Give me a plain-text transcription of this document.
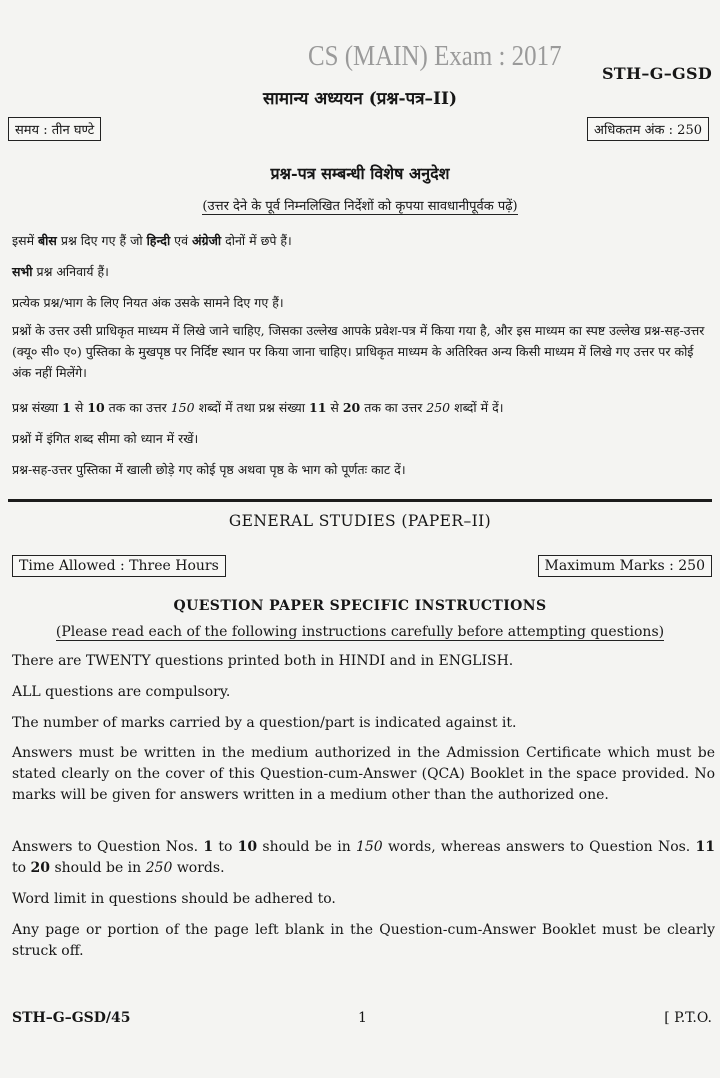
CS (MAIN) Exam : 2017
STH–G–GSD
सामान्य अध्ययन (प्रश्न-पत्र–II)
समय : तीन घण्टे	अधिकतम अंक : 250
प्रश्न-पत्र सम्बन्धी विशेष अनुदेश
(उत्तर देने के पूर्व निम्नलिखित निर्देशों को कृपया सावधानीपूर्वक पढ़ें)
इसमें बीस प्रश्न दिए गए हैं जो हिन्दी एवं अंग्रेजी दोनों में छपे हैं।
सभी प्रश्न अनिवार्य हैं।
प्रत्येक प्रश्न/भाग के लिए नियत अंक उसके सामने दिए गए हैं।
प्रश्नों के उत्तर उसी प्राधिकृत माध्यम में लिखे जाने चाहिए, जिसका उल्लेख आपके प्रवेश-पत्र में किया गया है, और इस माध्यम का स्पष्ट उल्लेख प्रश्न-सह-उत्तर (क्यू० सी० ए०) पुस्तिका के मुखपृष्ठ पर निर्दिष्ट स्थान पर किया जाना चाहिए। प्राधिकृत माध्यम के अतिरिक्त अन्य किसी माध्यम में लिखे गए उत्तर पर कोई अंक नहीं मिलेंगे।
प्रश्न संख्या 1 से 10 तक का उत्तर 150 शब्दों में तथा प्रश्न संख्या 11 से 20 तक का उत्तर 250 शब्दों में दें।
प्रश्नों में इंगित शब्द सीमा को ध्यान में रखें।
प्रश्न-सह-उत्तर पुस्तिका में खाली छोड़े गए कोई पृष्ठ अथवा पृष्ठ के भाग को पूर्णतः काट दें।
GENERAL STUDIES (PAPER–II)
Time Allowed : Three Hours	Maximum Marks : 250
QUESTION PAPER SPECIFIC INSTRUCTIONS
(Please read each of the following instructions carefully before attempting questions)
There are TWENTY questions printed both in HINDI and in ENGLISH.
ALL questions are compulsory.
The number of marks carried by a question/part is indicated against it.
Answers must be written in the medium authorized in the Admission Certificate which must be stated clearly on the cover of this Question-cum-Answer (QCA) Booklet in the space provided. No marks will be given for answers written in a medium other than the authorized one.
Answers to Question Nos. 1 to 10 should be in 150 words, whereas answers to Question Nos. 11 to 20 should be in 250 words.
Word limit in questions should be adhered to.
Any page or portion of the page left blank in the Question-cum-Answer Booklet must be clearly struck off.
STH–G–GSD/45	1	[ P.T.O.
